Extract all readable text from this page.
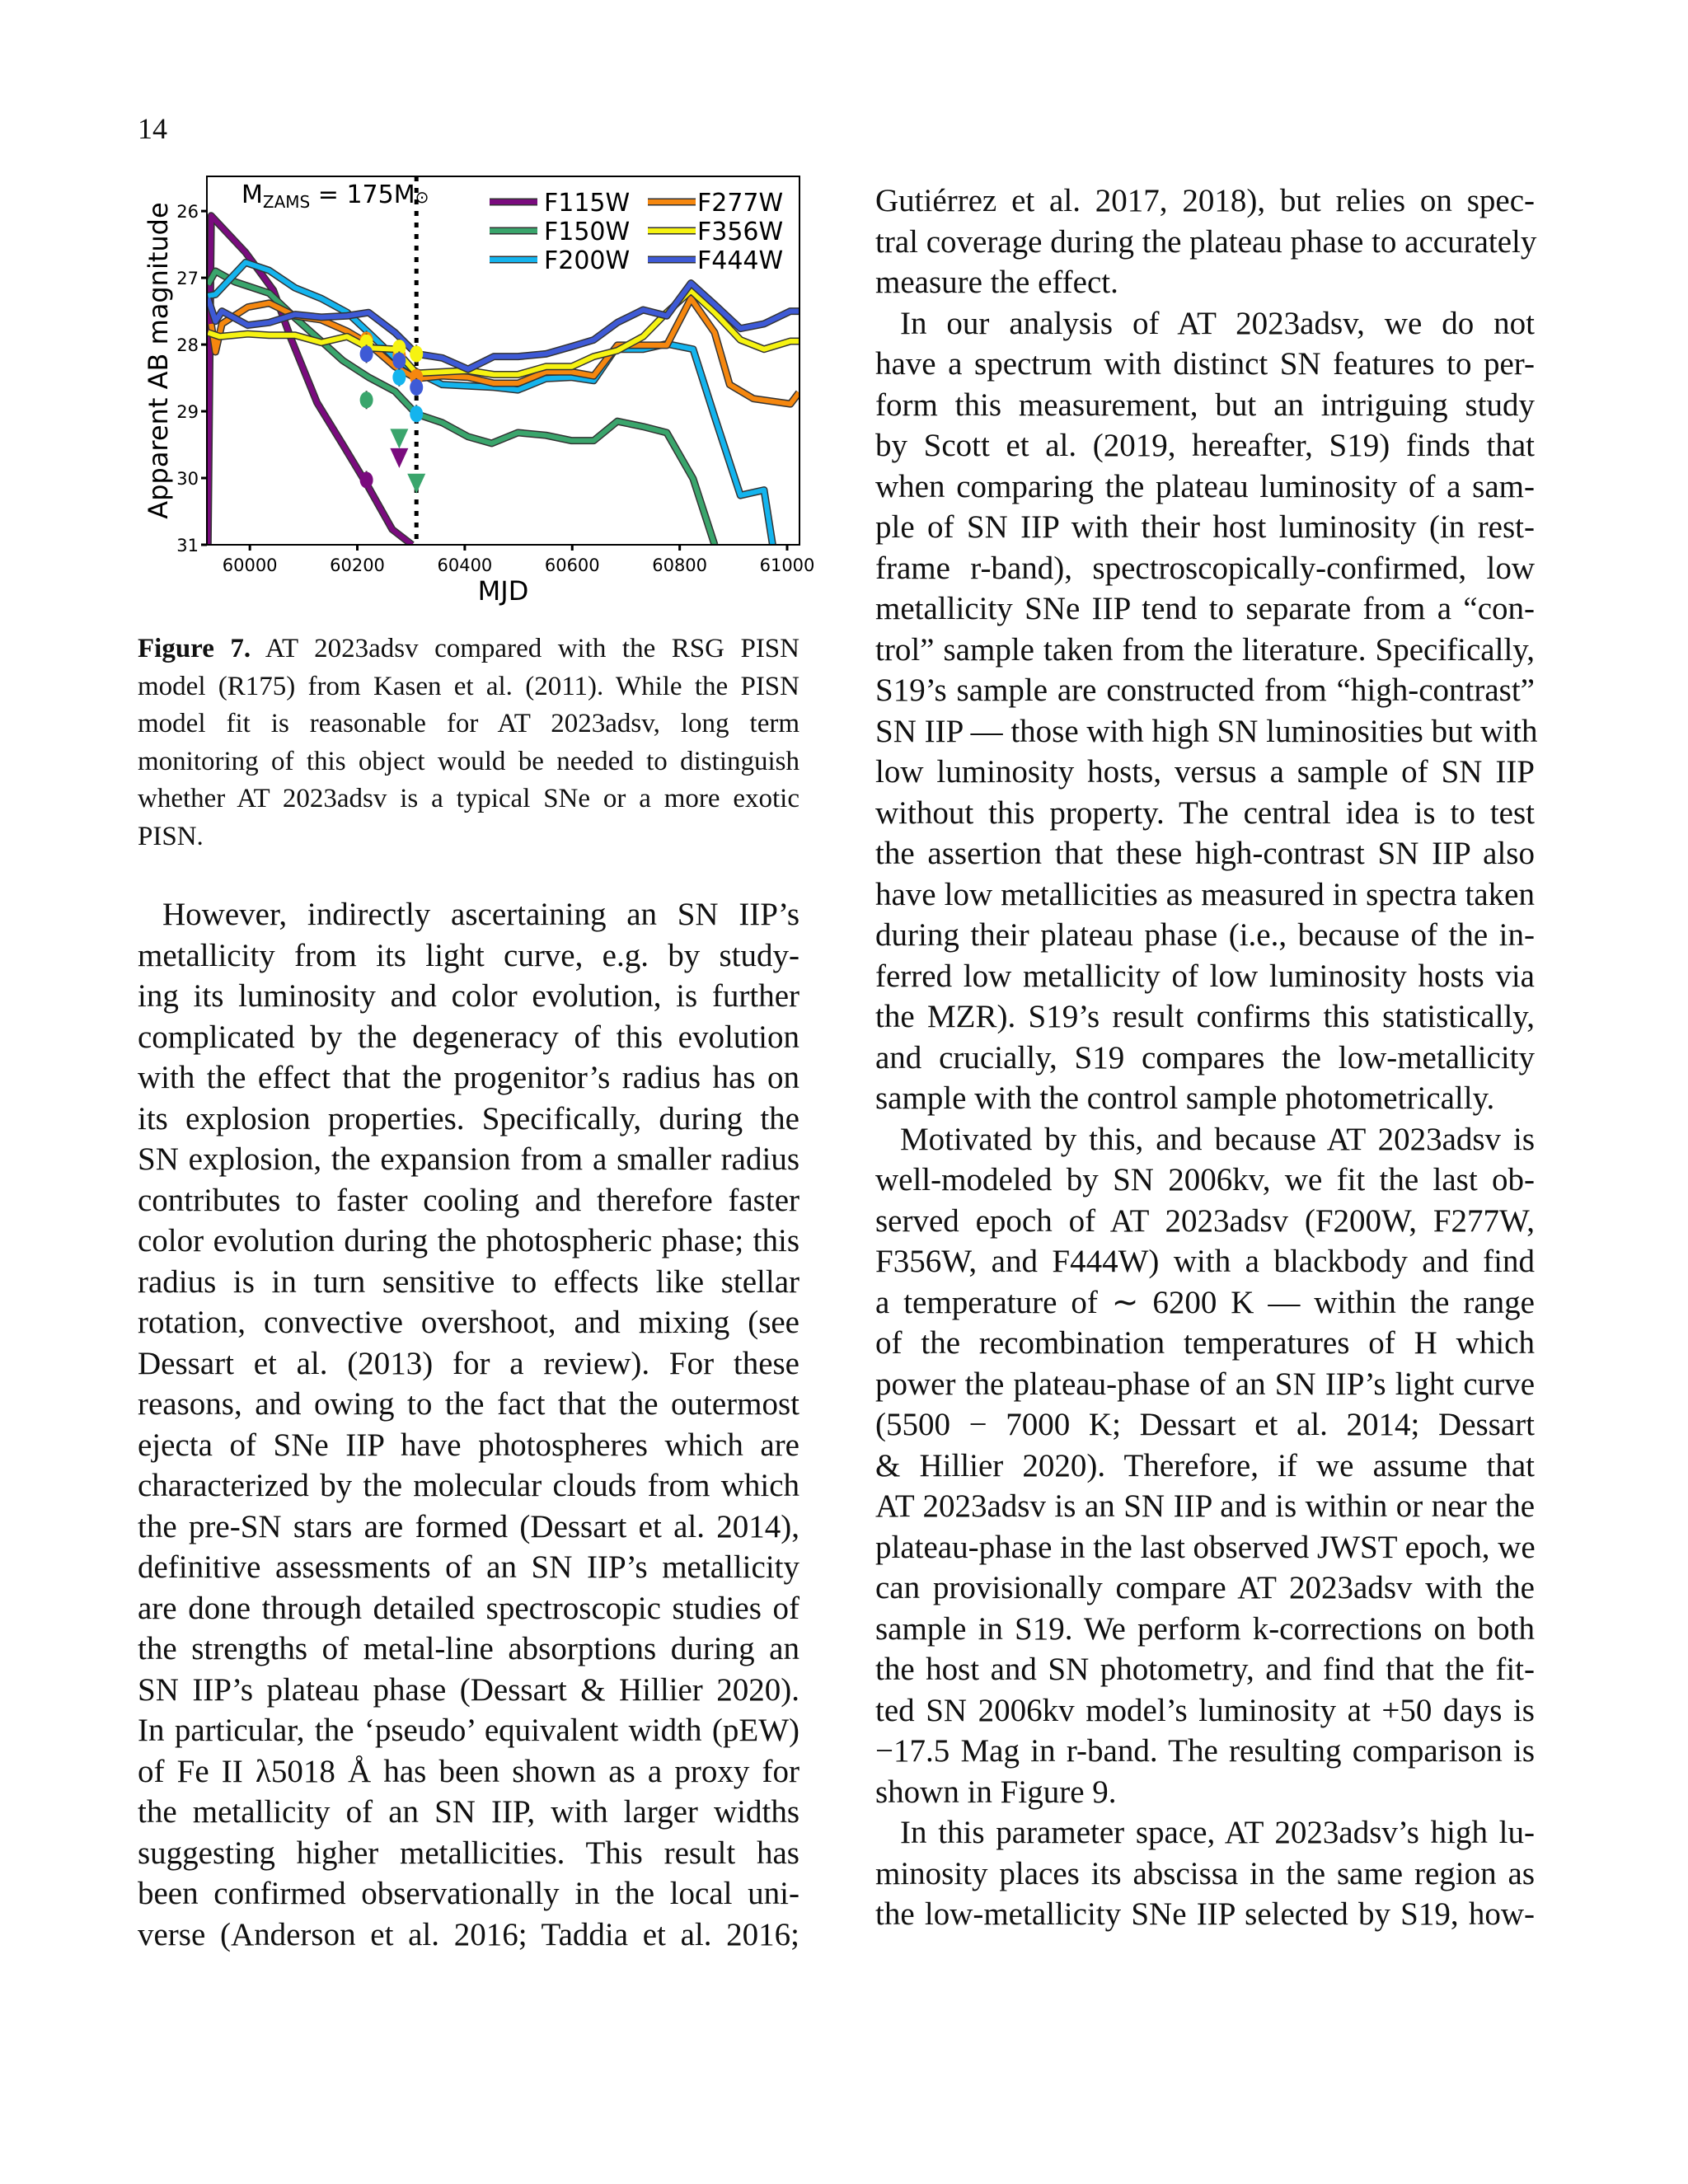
14
60000	60200	60400	60600	60800	61000
26
27
28
29
30
31
MJD
Apparent AB magnitude
$M_{ZAMS}$ = 175M⊙	F115W
F150W
F200W
F277W
F356W
F444W
Figure 7. AT 2023adsv compared with the RSG PISN
model (R175) from Kasen et al. (2011). While the PISN
model fit is reasonable for AT 2023adsv, long term
monitoring of this object would be needed to distinguish
whether AT 2023adsv is a typical SNe or a more exotic
PISN.
However, indirectly ascertaining an SN IIP’s
metallicity from its light curve, e.g. by study-
ing its luminosity and color evolution, is further
complicated by the degeneracy of this evolution
with the effect that the progenitor’s radius has on
its explosion properties. Specifically, during the
SN explosion, the expansion from a smaller radius
contributes to faster cooling and therefore faster
color evolution during the photospheric phase; this
radius is in turn sensitive to effects like stellar
rotation, convective overshoot, and mixing (see
Dessart et al. (2013) for a review). For these
reasons, and owing to the fact that the outermost
ejecta of SNe IIP have photospheres which are
characterized by the molecular clouds from which
the pre-SN stars are formed (Dessart et al. 2014),
definitive assessments of an SN IIP’s metallicity
are done through detailed spectroscopic studies of
the strengths of metal-line absorptions during an
SN IIP’s plateau phase (Dessart & Hillier 2020).
In particular, the ‘pseudo’ equivalent width (pEW)
of Fe II λ5018 Å has been shown as a proxy for
the metallicity of an SN IIP, with larger widths
suggesting higher metallicities. This result has
been confirmed observationally in the local uni-
verse (Anderson et al. 2016; Taddia et al. 2016;
Gutiérrez et al. 2017, 2018), but relies on spec-
tral coverage during the plateau phase to accurately
measure the effect.
In our analysis of AT 2023adsv, we do not
have a spectrum with distinct SN features to per-
form this measurement, but an intriguing study
by Scott et al. (2019, hereafter, S19) finds that
when comparing the plateau luminosity of a sam-
ple of SN IIP with their host luminosity (in rest-
frame r-band), spectroscopically-confirmed, low
metallicity SNe IIP tend to separate from a “con-
trol” sample taken from the literature. Specifically,
S19’s sample are constructed from “high-contrast”
SN IIP — those with high SN luminosities but with
low luminosity hosts, versus a sample of SN IIP
without this property. The central idea is to test
the assertion that these high-contrast SN IIP also
have low metallicities as measured in spectra taken
during their plateau phase (i.e., because of the in-
ferred low metallicity of low luminosity hosts via
the MZR). S19’s result confirms this statistically,
and crucially, S19 compares the low-metallicity
sample with the control sample photometrically.
Motivated by this, and because AT 2023adsv is
well-modeled by SN 2006kv, we fit the last ob-
served epoch of AT 2023adsv (F200W, F277W,
F356W, and F444W) with a blackbody and find
a temperature of ∼ 6200 K — within the range
of the recombination temperatures of H which
power the plateau-phase of an SN IIP’s light curve
(5500 − 7000 K; Dessart et al. 2014; Dessart
& Hillier 2020). Therefore, if we assume that
AT 2023adsv is an SN IIP and is within or near the
plateau-phase in the last observed JWST epoch, we
can provisionally compare AT 2023adsv with the
sample in S19. We perform k-corrections on both
the host and SN photometry, and find that the fit-
ted SN 2006kv model’s luminosity at +50 days is
−17.5 Mag in r-band. The resulting comparison is
shown in Figure 9.
In this parameter space, AT 2023adsv’s high lu-
minosity places its abscissa in the same region as
the low-metallicity SNe IIP selected by S19, how-
